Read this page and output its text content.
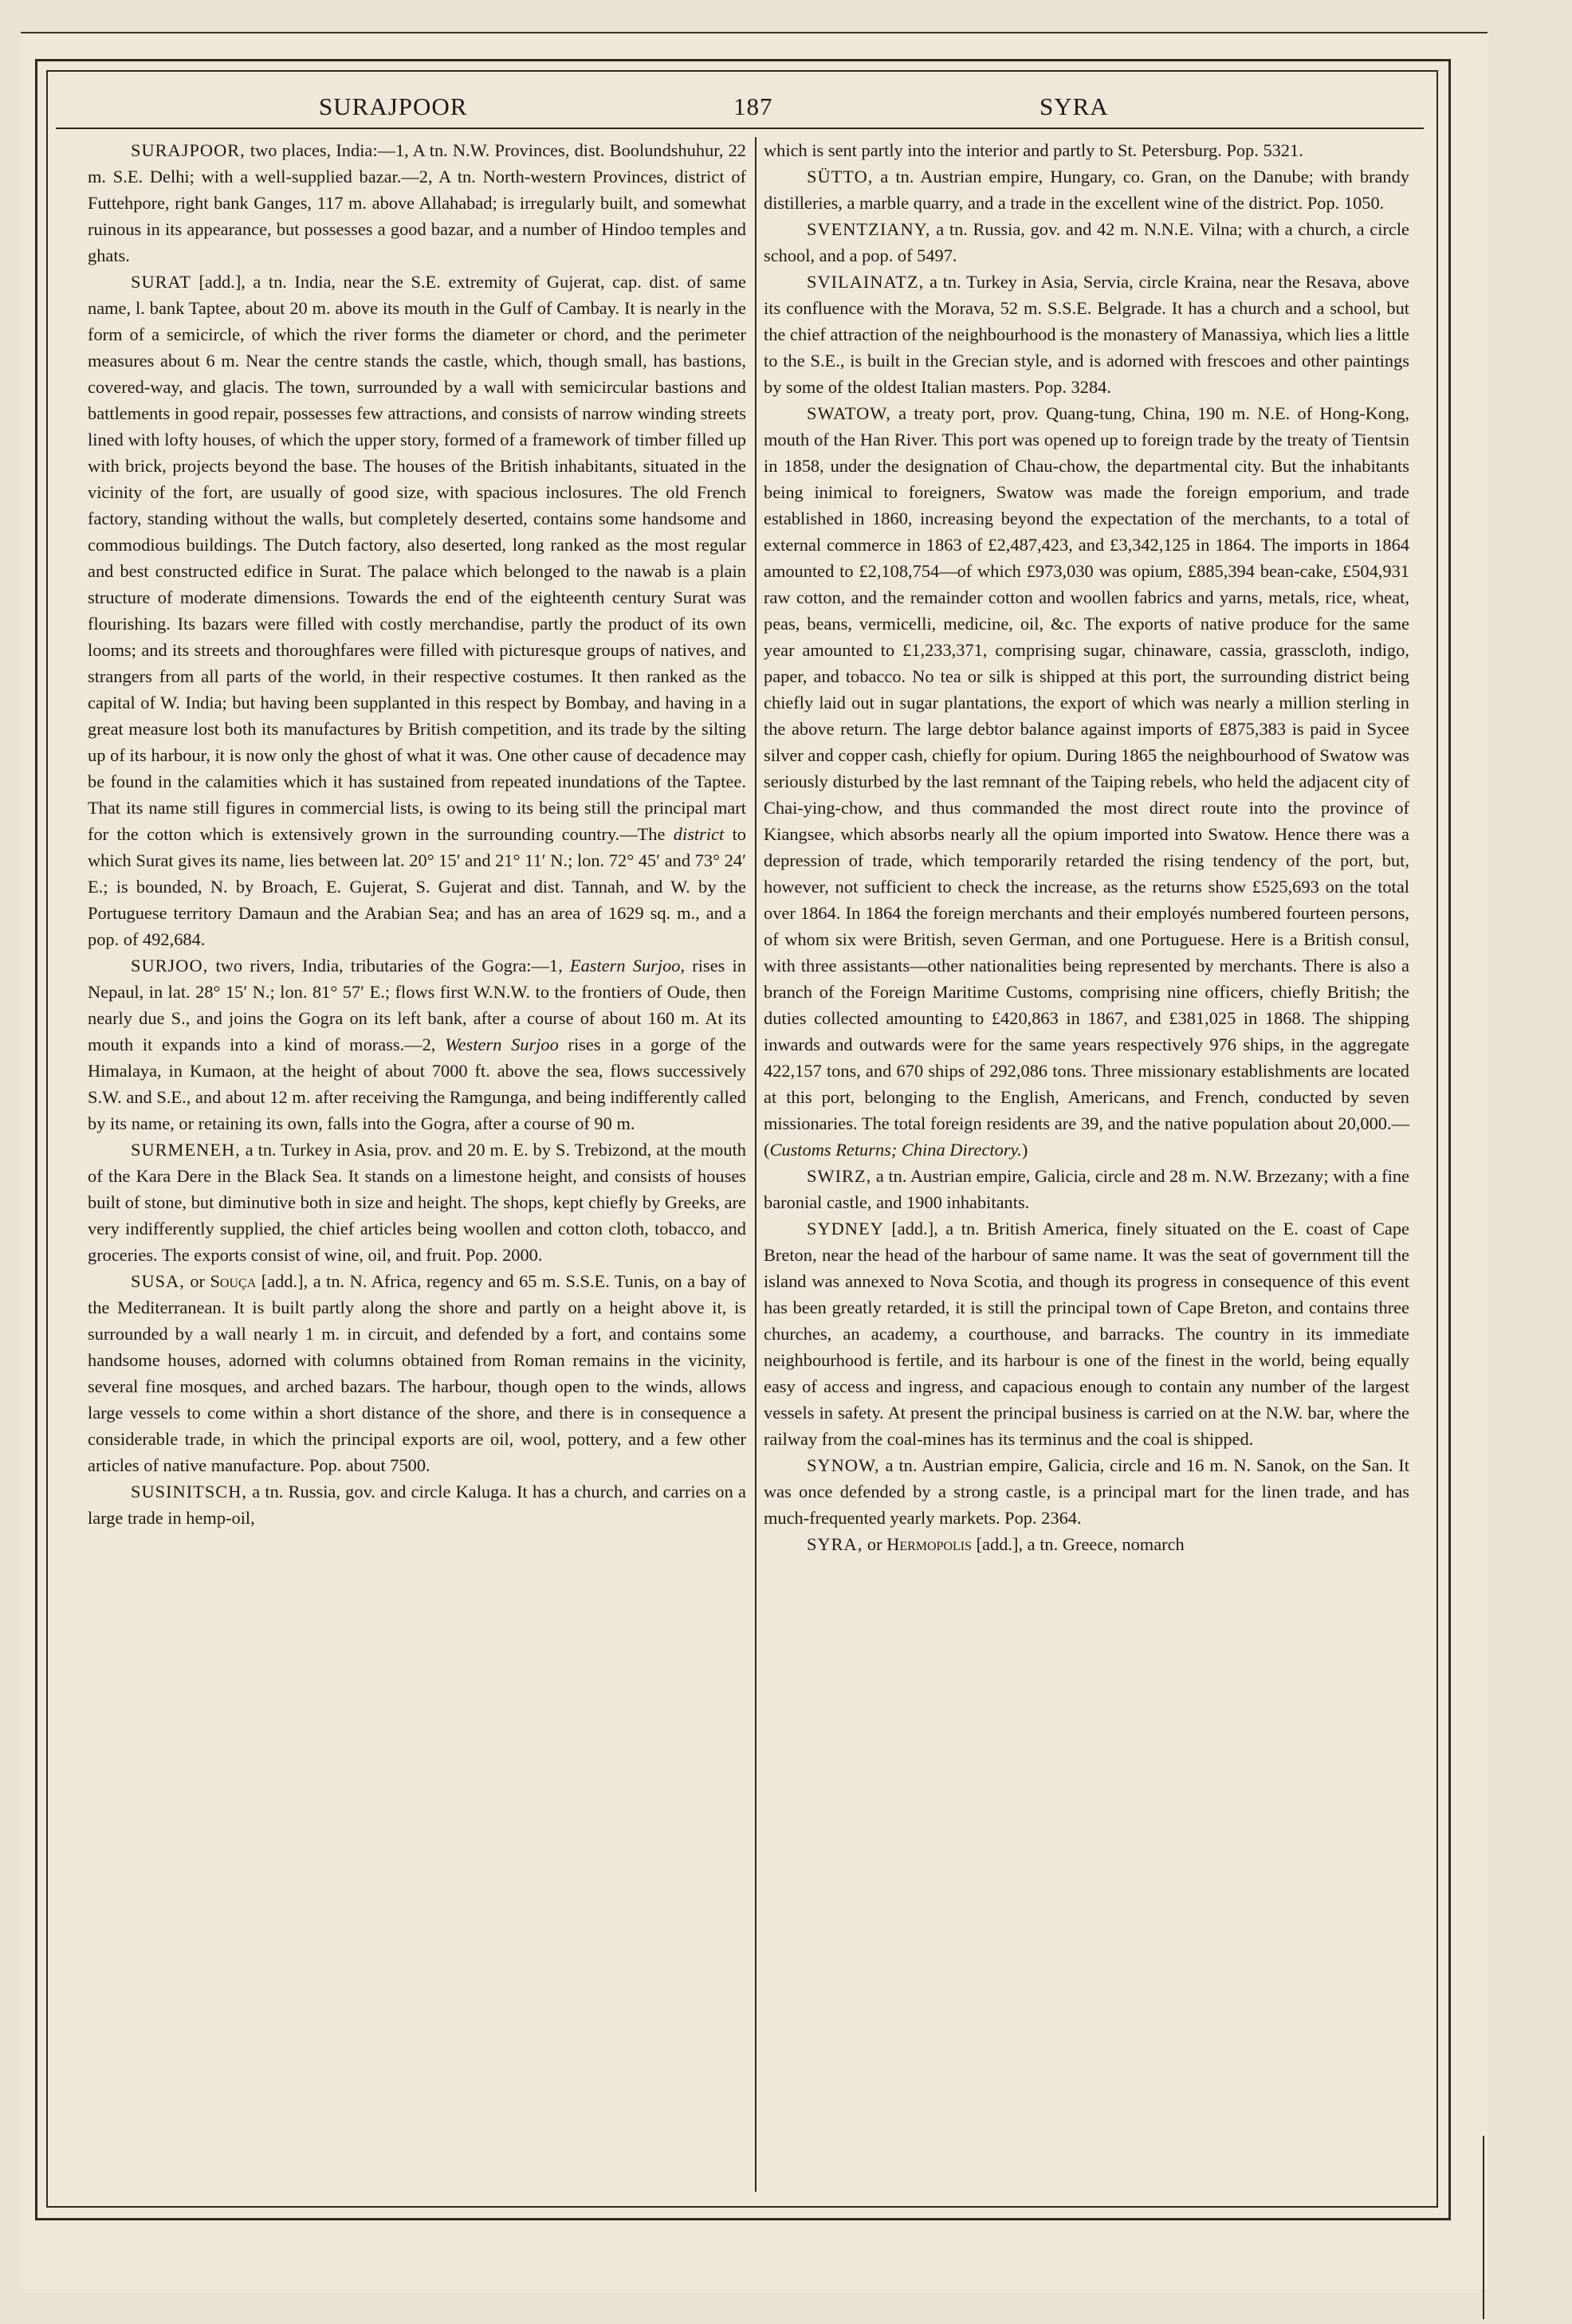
SURAJPOOR	187	SYRA

SURAJPOOR, two places, India:—1, A tn. N.W. Provinces, dist. Boolundshuhur, 22 m. S.E. Delhi; with a well-supplied bazar.—2, A tn. North-western Provinces, district of Futtehpore, right bank Ganges, 117 m. above Allahabad; is irregularly built, and somewhat ruinous in its appearance, but possesses a good bazar, and a number of Hindoo temples and ghats.

SURAT [add.], a tn. India, near the S.E. extremity of Gujerat, cap. dist. of same name, l. bank Taptee, about 20 m. above its mouth in the Gulf of Cambay. It is nearly in the form of a semicircle, of which the river forms the diameter or chord, and the perimeter measures about 6 m. Near the centre stands the castle, which, though small, has bastions, covered-way, and glacis. The town, surrounded by a wall with semicircular bastions and battlements in good repair, possesses few attractions, and consists of narrow winding streets lined with lofty houses, of which the upper story, formed of a framework of timber filled up with brick, projects beyond the base. The houses of the British inhabitants, situated in the vicinity of the fort, are usually of good size, with spacious inclosures. The old French factory, standing without the walls, but completely deserted, contains some handsome and commodious buildings. The Dutch factory, also deserted, long ranked as the most regular and best constructed edifice in Surat. The palace which belonged to the nawab is a plain structure of moderate dimensions. Towards the end of the eighteenth century Surat was flourishing. Its bazars were filled with costly merchandise, partly the product of its own looms; and its streets and thoroughfares were filled with picturesque groups of natives, and strangers from all parts of the world, in their respective costumes. It then ranked as the capital of W. India; but having been supplanted in this respect by Bombay, and having in a great measure lost both its manufactures by British competition, and its trade by the silting up of its harbour, it is now only the ghost of what it was. One other cause of decadence may be found in the calamities which it has sustained from repeated inundations of the Taptee. That its name still figures in commercial lists, is owing to its being still the principal mart for the cotton which is extensively grown in the surrounding country.—The district to which Surat gives its name, lies between lat. 20° 15′ and 21° 11′ N.; lon. 72° 45′ and 73° 24′ E.; is bounded, N. by Broach, E. Gujerat, S. Gujerat and dist. Tannah, and W. by the Portuguese territory Damaun and the Arabian Sea; and has an area of 1629 sq. m., and a pop. of 492,684.

SURJOO, two rivers, India, tributaries of the Gogra:—1, Eastern Surjoo, rises in Nepaul, in lat. 28° 15′ N.; lon. 81° 57′ E.; flows first W.N.W. to the frontiers of Oude, then nearly due S., and joins the Gogra on its left bank, after a course of about 160 m. At its mouth it expands into a kind of morass.—2, Western Surjoo rises in a gorge of the Himalaya, in Kumaon, at the height of about 7000 ft. above the sea, flows successively S.W. and S.E., and about 12 m. after receiving the Ramgunga, and being indifferently called by its name, or retaining its own, falls into the Gogra, after a course of 90 m.

SURMENEH, a tn. Turkey in Asia, prov. and 20 m. E. by S. Trebizond, at the mouth of the Kara Dere in the Black Sea. It stands on a limestone height, and consists of houses built of stone, but diminutive both in size and height. The shops, kept chiefly by Greeks, are very indifferently supplied, the chief articles being woollen and cotton cloth, tobacco, and groceries. The exports consist of wine, oil, and fruit. Pop. 2000.

SUSA, or Souça [add.], a tn. N. Africa, regency and 65 m. S.S.E. Tunis, on a bay of the Mediterranean. It is built partly along the shore and partly on a height above it, is surrounded by a wall nearly 1 m. in circuit, and defended by a fort, and contains some handsome houses, adorned with columns obtained from Roman remains in the vicinity, several fine mosques, and arched bazars. The harbour, though open to the winds, allows large vessels to come within a short distance of the shore, and there is in consequence a considerable trade, in which the principal exports are oil, wool, pottery, and a few other articles of native manufacture. Pop. about 7500.

SUSINITSCH, a tn. Russia, gov. and circle Kaluga. It has a church, and carries on a large trade in hemp-oil,

which is sent partly into the interior and partly to St. Petersburg. Pop. 5321.

SÜTTO, a tn. Austrian empire, Hungary, co. Gran, on the Danube; with brandy distilleries, a marble quarry, and a trade in the excellent wine of the district. Pop. 1050.

SVENTZIANY, a tn. Russia, gov. and 42 m. N.N.E. Vilna; with a church, a circle school, and a pop. of 5497.

SVILAINATZ, a tn. Turkey in Asia, Servia, circle Kraina, near the Resava, above its confluence with the Morava, 52 m. S.S.E. Belgrade. It has a church and a school, but the chief attraction of the neighbourhood is the monastery of Manassiya, which lies a little to the S.E., is built in the Grecian style, and is adorned with frescoes and other paintings by some of the oldest Italian masters. Pop. 3284.

SWATOW, a treaty port, prov. Quang-tung, China, 190 m. N.E. of Hong-Kong, mouth of the Han River. This port was opened up to foreign trade by the treaty of Tientsin in 1858, under the designation of Chau-chow, the departmental city. But the inhabitants being inimical to foreigners, Swatow was made the foreign emporium, and trade established in 1860, increasing beyond the expectation of the merchants, to a total of external commerce in 1863 of £2,487,423, and £3,342,125 in 1864. The imports in 1864 amounted to £2,108,754—of which £973,030 was opium, £885,394 bean-cake, £504,931 raw cotton, and the remainder cotton and woollen fabrics and yarns, metals, rice, wheat, peas, beans, vermicelli, medicine, oil, &c. The exports of native produce for the same year amounted to £1,233,371, comprising sugar, chinaware, cassia, grasscloth, indigo, paper, and tobacco. No tea or silk is shipped at this port, the surrounding district being chiefly laid out in sugar plantations, the export of which was nearly a million sterling in the above return. The large debtor balance against imports of £875,383 is paid in Sycee silver and copper cash, chiefly for opium. During 1865 the neighbourhood of Swatow was seriously disturbed by the last remnant of the Taiping rebels, who held the adjacent city of Chai-ying-chow, and thus commanded the most direct route into the province of Kiangsee, which absorbs nearly all the opium imported into Swatow. Hence there was a depression of trade, which temporarily retarded the rising tendency of the port, but, however, not sufficient to check the increase, as the returns show £525,693 on the total over 1864. In 1864 the foreign merchants and their employés numbered fourteen persons, of whom six were British, seven German, and one Portuguese. Here is a British consul, with three assistants—other nationalities being represented by merchants. There is also a branch of the Foreign Maritime Customs, comprising nine officers, chiefly British; the duties collected amounting to £420,863 in 1867, and £381,025 in 1868. The shipping inwards and outwards were for the same years respectively 976 ships, in the aggregate 422,157 tons, and 670 ships of 292,086 tons. Three missionary establishments are located at this port, belonging to the English, Americans, and French, conducted by seven missionaries. The total foreign residents are 39, and the native population about 20,000.—(Customs Returns; China Directory.)

SWIRZ, a tn. Austrian empire, Galicia, circle and 28 m. N.W. Brzezany; with a fine baronial castle, and 1900 inhabitants.

SYDNEY [add.], a tn. British America, finely situated on the E. coast of Cape Breton, near the head of the harbour of same name. It was the seat of government till the island was annexed to Nova Scotia, and though its progress in consequence of this event has been greatly retarded, it is still the principal town of Cape Breton, and contains three churches, an academy, a courthouse, and barracks. The country in its immediate neighbourhood is fertile, and its harbour is one of the finest in the world, being equally easy of access and ingress, and capacious enough to contain any number of the largest vessels in safety. At present the principal business is carried on at the N.W. bar, where the railway from the coal-mines has its terminus and the coal is shipped.

SYNOW, a tn. Austrian empire, Galicia, circle and 16 m. N. Sanok, on the San. It was once defended by a strong castle, is a principal mart for the linen trade, and has much-frequented yearly markets. Pop. 2364.

SYRA, or Hermopolis [add.], a tn. Greece, nomarch
